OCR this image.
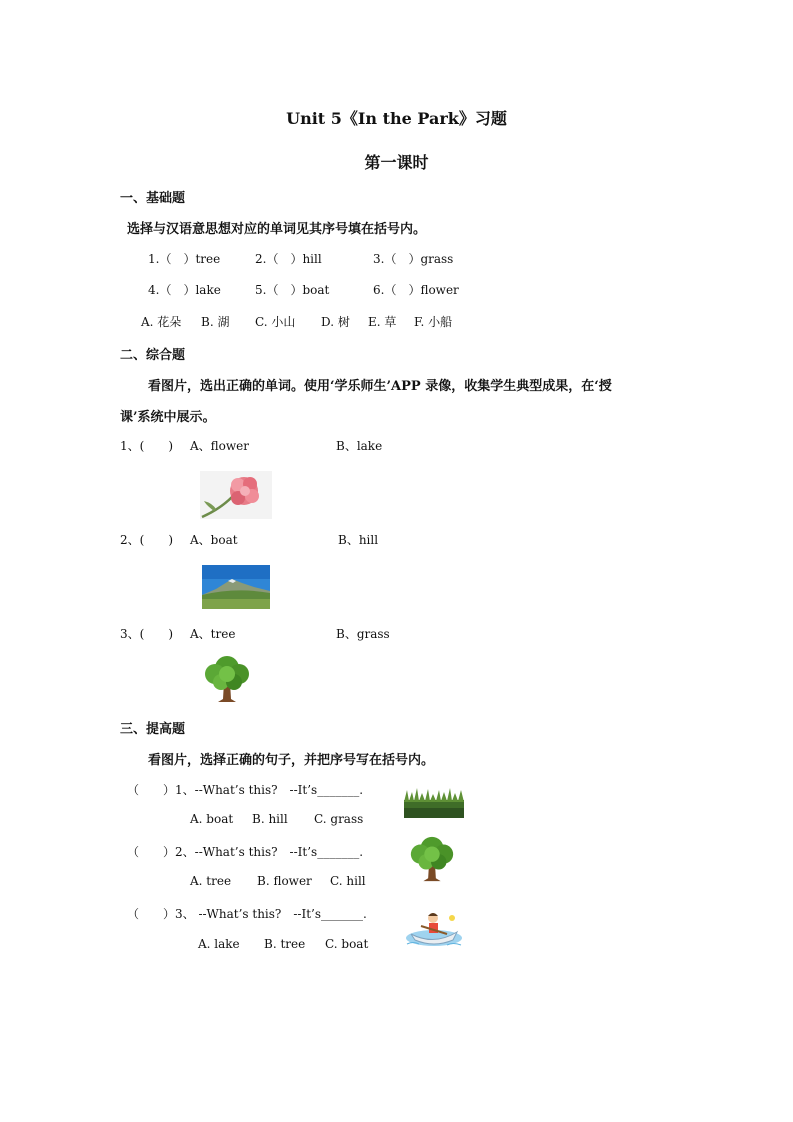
Unit 5《In the Park》习题
第一课时
一、基础题
选择与汉语意思想对应的单词见其序号填在括号内。
1.（　）tree	2.（　）hill	3.（　）grass
4.（　）lake	5.（　）boat	6.（　）flower
A. 花朵 B. 湖 C. 小山 D. 树 E. 草 F. 小船
二、综合题
看图片，选出正确的单词。使用‘学乐师生’APP 录像，收集学生典型成果，在‘授
课’系统中展示。
1、(　　) A、flower	B、lake
2、(　　) A、boat	B、hill
3、(　　) A、tree	B、grass
三、提高题
看图片，选择正确的句子，并把序号写在括号内。
（　　）1、--What’s this?　--It’s_______.
A. boat B. hill C. grass
（　　）2、--What’s this?　--It’s_______.
A. tree B. flower C. hill
（　　）3、 --What’s this?　--It’s_______.
A. lake B. tree C. boat
